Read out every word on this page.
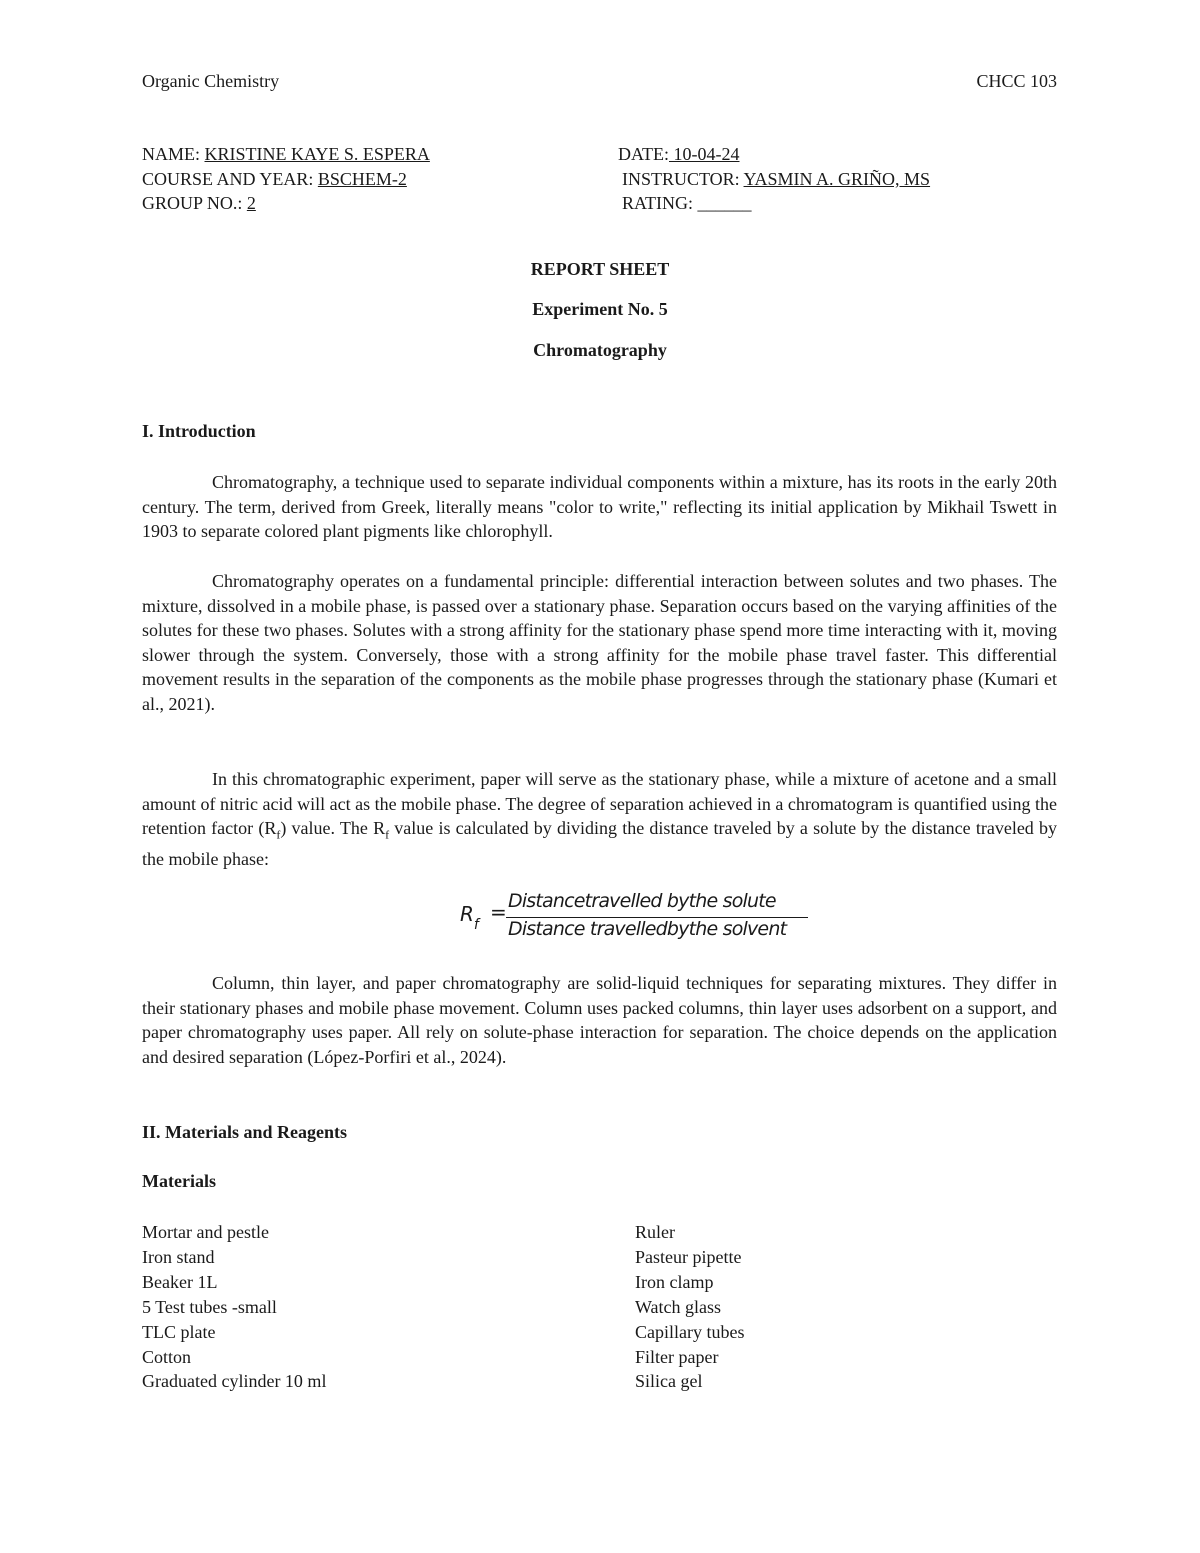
Organic Chemistry	CHCC 103
NAME: KRISTINE KAYE S. ESPERA	DATE: 10-04-24
COURSE AND YEAR: BSCHEM-2	INSTRUCTOR: YASMIN A. GRIÑO, MS
GROUP NO.: 2	RATING: ______
REPORT SHEET
Experiment No. 5
Chromatography
I. Introduction
Chromatography, a technique used to separate individual components within a mixture, has its roots in the early 20th century. The term, derived from Greek, literally means "color to write," reflecting its initial application by Mikhail Tswett in 1903 to separate colored plant pigments like chlorophyll.
Chromatography operates on a fundamental principle: differential interaction between solutes and two phases. The mixture, dissolved in a mobile phase, is passed over a stationary phase. Separation occurs based on the varying affinities of the solutes for these two phases. Solutes with a strong affinity for the stationary phase spend more time interacting with it, moving slower through the system. Conversely, those with a strong affinity for the mobile phase travel faster. This differential movement results in the separation of the components as the mobile phase progresses through the stationary phase (Kumari et al., 2021).
In this chromatographic experiment, paper will serve as the stationary phase, while a mixture of acetone and a small amount of nitric acid will act as the mobile phase. The degree of separation achieved in a chromatogram is quantified using the retention factor $(R_f)$ value. The $R_f$ value is calculated by dividing the distance traveled by a solute by the distance traveled by the mobile phase:
$R_f$
= Distancetravelled bythe solute
Distance travelledbythe solvent
Column, thin layer, and paper chromatography are solid-liquid techniques for separating mixtures. They differ in their stationary phases and mobile phase movement. Column uses packed columns, thin layer uses adsorbent on a support, and paper chromatography uses paper. All rely on solute-phase interaction for separation. The choice depends on the application and desired separation (López-Porfiri et al., 2024).
II. Materials and Reagents
Materials
Mortar and pestle
Iron stand
Beaker 1L
5 Test tubes -small
TLC plate
Cotton
Graduated cylinder 10 ml
Ruler
Pasteur pipette
Iron clamp
Watch glass
Capillary tubes
Filter paper
Silica gel
